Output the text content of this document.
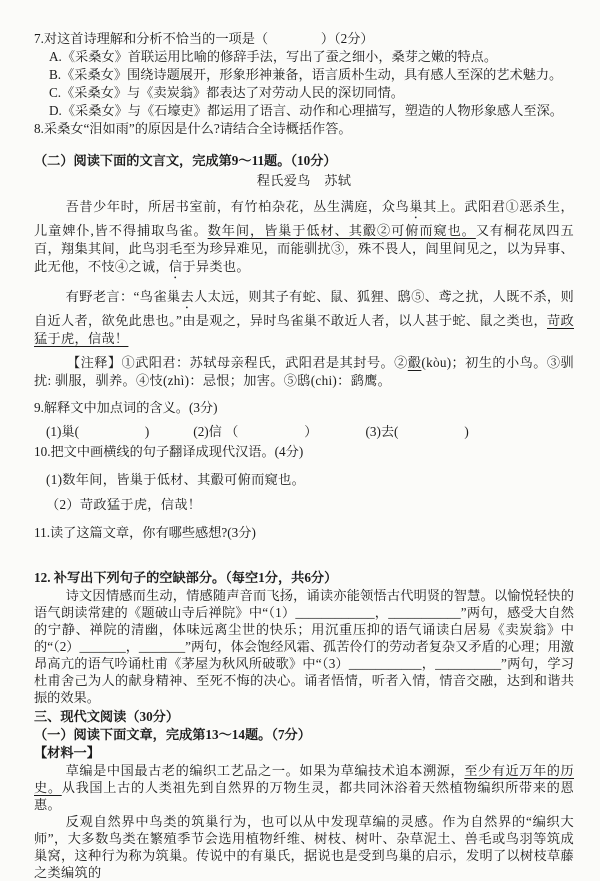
7.对这首诗理解和分析不恰当的一项是（　　　　）（2分）
A.《采桑女》首联运用比喻的修辞手法，写出了蚕之细小，桑芽之嫩的特点。
B.《采桑女》围绕诗题展开，形象形神兼备，语言质朴生动，具有感人至深的艺术魅力。
C.《采桑女》与《卖炭翁》都表达了对劳动人民的深切同情。
D.《采桑女》与《石壕吏》都运用了语言、动作和心理描写，塑造的人物形象感人至深。
8.采桑女“泪如雨”的原因是什么?请结合全诗概括作答。
（二）阅读下面的文言文，完成第9～11题。（10分）
程氏爱鸟　苏轼
吾昔少年时，所居书室前，有竹柏杂花，丛生满庭，众鸟巢其上。武阳君①恶杀生，儿童婢仆,皆不得捕取鸟雀。数年间，皆巢于低材、其鷇②可俯而窥也。又有桐花凤四五百，翔集其间，此鸟羽毛至为珍异难见，而能驯扰③，殊不畏人，闾里间见之，以为异事、此无他，不忮④之诚，信于异类也。
有野老言：“鸟雀巢去人太远，则其子有蛇、鼠、狐狸、鸱⑤、鸢之扰，人既不杀，则自近人者，欲免此患也。”由是观之，异时鸟雀巢不敢近人者，以人甚于蛇、鼠之类也，苛政猛于虎，信哉！
【注释】①武阳君：苏轼母亲程氏，武阳君是其封号。②鷇(kòu)；初生的小鸟。③驯扰: 驯服，驯养。④忮(zhì)：忌恨；加害。⑤鸱(chi)：鹞鹰。
9.解释文中加点词的含义。(3分)
(1)巢(　　　　　)	(2)信 （　　　　　）	(3)去(　　　　　)
10.把文中画横线的句子翻译成现代汉语。(4分)
(1)数年间，皆巢于低材、其鷇可俯而窥也。
（2）苛政猛于虎，信哉！
11.读了这篇文章，你有哪些感想?(3分)
12. 补写出下列句子的空缺部分。（每空1分，共6分）
诗文因情感而生动，情感随声音而飞扬，诵读亦能领悟古代明贤的智慧。以愉悦轻快的语气朗读常建的《题破山寺后禅院》中“（1）____________，___________”两句，感受大自然的宁静、禅院的清幽，体味远离尘世的快乐；用沉重压抑的语气诵读白居易《卖炭翁》中的“（2）_______，_______”两句，体会饱经风霜、孤苦伶仃的劳动者复杂又矛盾的心理；用激昂高亢的语气吟诵杜甫《茅屋为秋风所破歌》中“（3）___________，__________”两句，学习杜甫舍己为人的献身精神、至死不悔的决心。诵者悟情，听者入情，情音交融，达到和谐共振的效果。
三、现代文阅读（30分）
（一）阅读下面文章，完成第13～14题。（7分）
【材料一】
草编是中国最古老的编织工艺品之一。如果为草编技术追本溯源，至少有近万年的历史。从我国上古的人类祖先到自然界的万物生灵，都共同沐浴着天然植物编织所带来的恩惠。
反观自然界中鸟类的筑巢行为，也可以从中发现草编的灵感。作为自然界的“编织大师”，大多数鸟类在繁殖季节会选用植物纤维、树枝、树叶、杂草泥土、兽毛或鸟羽等筑成巢窝，这种行为称为筑巢。传说中的有巢氏，据说也是受到鸟巢的启示，发明了以树枝草藤之类编筑的
